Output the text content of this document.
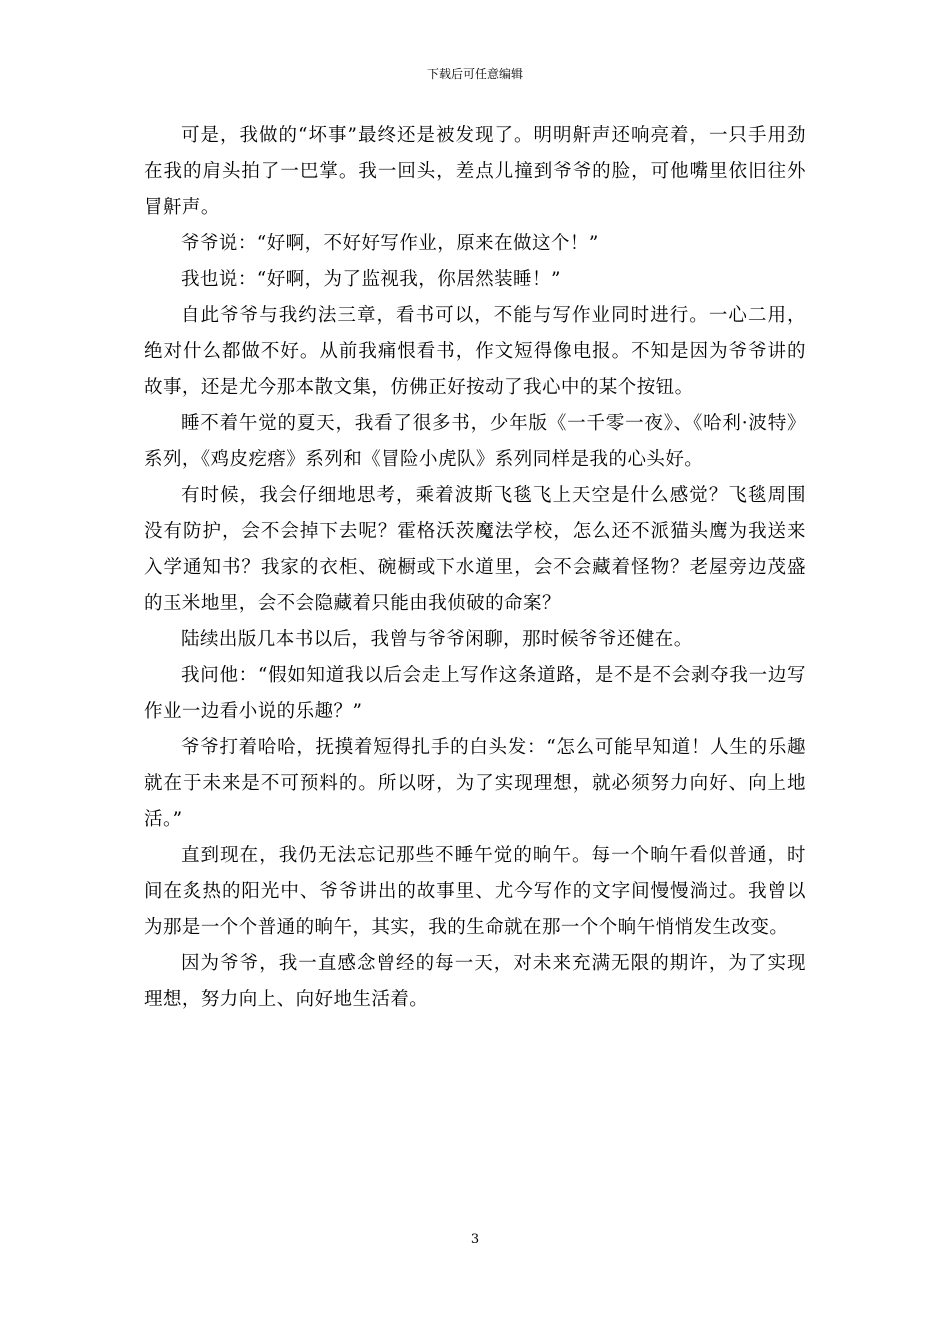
下载后可任意编辑

可是，我做的“坏事”最终还是被发现了。明明鼾声还响亮着，一只手用劲在我的肩头拍了一巴掌。我一回头，差点儿撞到爷爷的脸，可他嘴里依旧往外冒鼾声。

爷爷说：“好啊，不好好写作业，原来在做这个！”

我也说：“好啊，为了监视我，你居然装睡！”

自此爷爷与我约法三章，看书可以，不能与写作业同时进行。一心二用，绝对什么都做不好。从前我痛恨看书，作文短得像电报。不知是因为爷爷讲的故事，还是尤今那本散文集，仿佛正好按动了我心中的某个按钮。

睡不着午觉的夏天，我看了很多书，少年版《一千零一夜》、《哈利·波特》系列，《鸡皮疙瘩》系列和《冒险小虎队》系列同样是我的心头好。

有时候，我会仔细地思考，乘着波斯飞毯飞上天空是什么感觉？飞毯周围没有防护，会不会掉下去呢？霍格沃茨魔法学校，怎么还不派猫头鹰为我送来入学通知书？我家的衣柜、碗橱或下水道里，会不会藏着怪物？老屋旁边茂盛的玉米地里，会不会隐藏着只能由我侦破的命案？

陆续出版几本书以后，我曾与爷爷闲聊，那时候爷爷还健在。

我问他：“假如知道我以后会走上写作这条道路，是不是不会剥夺我一边写作业一边看小说的乐趣？”

爷爷打着哈哈，抚摸着短得扎手的白头发：“怎么可能早知道！人生的乐趣就在于未来是不可预料的。所以呀，为了实现理想，就必须努力向好、向上地活。”

直到现在，我仍无法忘记那些不睡午觉的晌午。每一个晌午看似普通，时间在炙热的阳光中、爷爷讲出的故事里、尤今写作的文字间慢慢淌过。我曾以为那是一个个普通的晌午，其实，我的生命就在那一个个晌午悄悄发生改变。

因为爷爷，我一直感念曾经的每一天，对未来充满无限的期许，为了实现理想，努力向上、向好地生活着。

3
